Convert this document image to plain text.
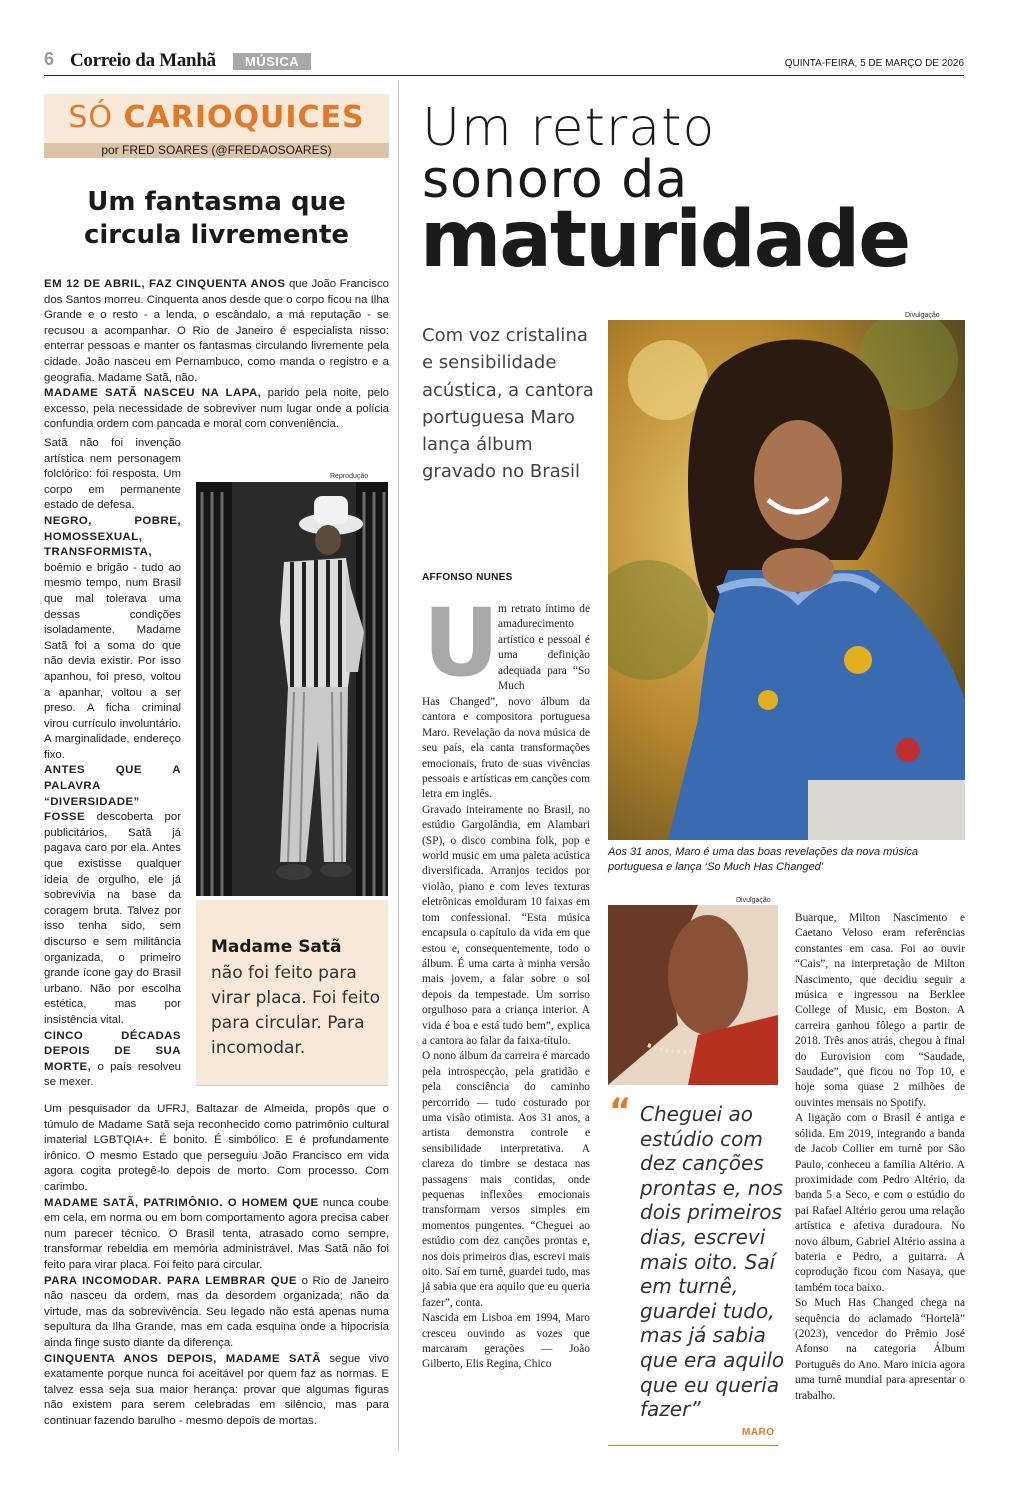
6 Correio da Manhã	MÚSICA	QUINTA-FEIRA, 5 DE MARÇO DE 2026
SÓ CARIOQUICES
por FRED SOARES (@FREDAOSOARES)
Um fantasma que circula livremente

EM 12 DE ABRIL, FAZ CINQUENTA ANOS que João Francisco dos Santos morreu. Cinquenta anos desde que o corpo ficou na Ilha Grande e o resto - a lenda, o escândalo, a má reputação - se recusou a acompanhar. O Rio de Janeiro é especialista nisso: enterrar pessoas e manter os fantasmas circulando livremente pela cidade. João nasceu em Pernambuco, como manda o registro e a geografia. Madame Satã, não.

MADAME SATÃ NASCEU NA LAPA, parido pela noite, pelo excesso, pela necessidade de sobreviver num lugar onde a polícia confundia ordem com pancada e moral com conveniência.

Satã não foi invenção artística nem personagem folclórico: foi resposta. Um corpo em permanente estado de defesa.

NEGRO, POBRE, HOMOSSEXUAL, TRANSFORMISTA, boêmio e brigão - tudo ao mesmo tempo, num Brasil que mal tolerava uma dessas condições isoladamente. Madame Satã foi a soma do que não devia existir. Por isso apanhou, foi preso, voltou a apanhar, voltou a ser preso. A ficha criminal virou currículo involuntário. A marginalidade, endereço fixo.

ANTES QUE A PALAVRA “DIVERSIDADE” FOSSE descoberta por publicitários, Satã já pagava caro por ela. Antes que existisse qualquer ideia de orgulho, ele já sobrevivia na base da coragem bruta. Talvez por isso tenha sido, sem discurso e sem militância organizada, o primeiro grande ícone gay do Brasil urbano. Não por escolha estética, mas por insistência vital.

CINCO DÉCADAS DEPOIS DE SUA MORTE, o país resolveu se mexer.

Reprodução
Madame Satã
não foi feito para virar placa. Foi feito para circular. Para incomodar.

Um pesquisador da UFRJ, Baltazar de Almeida, propôs que o túmulo de Madame Satã seja reconhecido como patrimônio cultural imaterial LGBTQIA+. É bonito. É simbólico. E é profundamente irônico. O mesmo Estado que perseguiu João Francisco em vida agora cogita protegê-lo depois de morto. Com processo. Com carimbo.

MADAME SATÃ, PATRIMÔNIO. O HOMEM QUE nunca coube em cela, em norma ou em bom comportamento agora precisa caber num parecer técnico. O Brasil tenta, atrasado como sempre, transformar rebeldia em memória administrável. Mas Satã não foi feito para virar placa. Foi feito para circular.

PARA INCOMODAR. PARA LEMBRAR QUE o Rio de Janeiro não nasceu da ordem, mas da desordem organizada; não da virtude, mas da sobrevivência. Seu legado não está apenas numa sepultura da Ilha Grande, mas em cada esquina onde a hipocrisia ainda finge susto diante da diferença.

CINQUENTA ANOS DEPOIS, MADAME SATÃ segue vivo exatamente porque nunca foi aceitável por quem faz as normas. E talvez essa seja sua maior herança: provar que algumas figuras não existem para serem celebradas em silêncio, mas para continuar fazendo barulho - mesmo depois de mortas.

Um retrato
sonoro da
maturidade
Com voz cristalina e sensibilidade acústica, a cantora portuguesa Maro lança álbum gravado no Brasil
AFFONSO NUNES
Divulgação
Aos 31 anos, Maro é uma das boas revelações da nova música portuguesa e lança ‘So Much Has Changed’
Divulgação
U
m retrato íntimo de amadurecimento artístico e pessoal é uma definição adequada para “So Much
Has Changed”, novo álbum da cantora e compositora portuguesa Maro. Revelação da nova música de seu país, ela canta transformações emocionais, fruto de suas vivências pessoais e artísticas em canções com letra em inglês.
Gravado inteiramente no Brasil, no estúdio Gargolândia, em Alambari (SP), o disco combina folk, pop e world music em uma paleta acústica diversificada. Arranjos tecidos por violão, piano e com leves texturas eletrônicas emolduram 10 faixas em tom confessional. “Esta música encapsula o capítulo da vida em que estou e, consequentemente, todo o álbum. É uma carta à minha versão mais jovem, a falar sobre o sol depois da tempestade. Um sorriso orgulhoso para a criança interior. A vida é boa e está tudo bem”, explica a cantora ao falar da faixa-título.
O nono álbum da carreira é marcado pela introspecção, pela gratidão e pela consciência do caminho percorrido — tudo costurado por uma visão otimista. Aos 31 anos, a artista demonstra controle e sensibilidade interpretativa. A clareza do timbre se destaca nas passagens mais contidas, onde pequenas inflexões emocionais transformam versos simples em momentos pungentes. “Cheguei ao estúdio com dez canções prontas e, nos dois primeiros dias, escrevi mais oito. Saí em turnê, guardei tudo, mas já sabia que era aquilo que eu queria fazer”, conta.
Nascida em Lisboa em 1994, Maro cresceu ouvindo as vozes que marcaram gerações — João Gilberto, Elis Regina, Chico
Buarque, Milton Nascimento e Caetano Veloso eram referências constantes em casa. Foi ao ouvir “Cais”, na interpretação de Milton Nascimento, que decidiu seguir a música e ingressou na Berklee College of Music, em Boston. A carreira ganhou fôlego a partir de 2018. Três anos atrás, chegou à final do Eurovision com “Saudade, Saudade”, que ficou no Top 10, e hoje soma quase 2 milhões de ouvintes mensais no Spotify.
A ligação com o Brasil é antiga e sólida. Em 2019, integrando a banda de Jacob Collier em turnê por São Paulo, conheceu a família Altério. A proximidade com Pedro Altério, da banda 5 a Seco, e com o estúdio do pai Rafael Altério gerou uma relação artística e afetiva duradoura. No novo álbum, Gabriel Altério assina a bateria e Pedro, a guitarra. A coprodução ficou com Nasaya, que também toca baixo.
So Much Has Changed chega na sequência do aclamado “Hortelã” (2023), vencedor do Prêmio José Afonso na categoria Álbum Português do Ano. Maro inicia agora uma turnê mundial para apresentar o trabalho.
“ Cheguei ao estúdio com dez canções prontas e, nos dois primeiros dias, escrevi mais oito. Saí em turnê, guardei tudo, mas já sabia que era aquilo que eu queria fazer”
MARO
